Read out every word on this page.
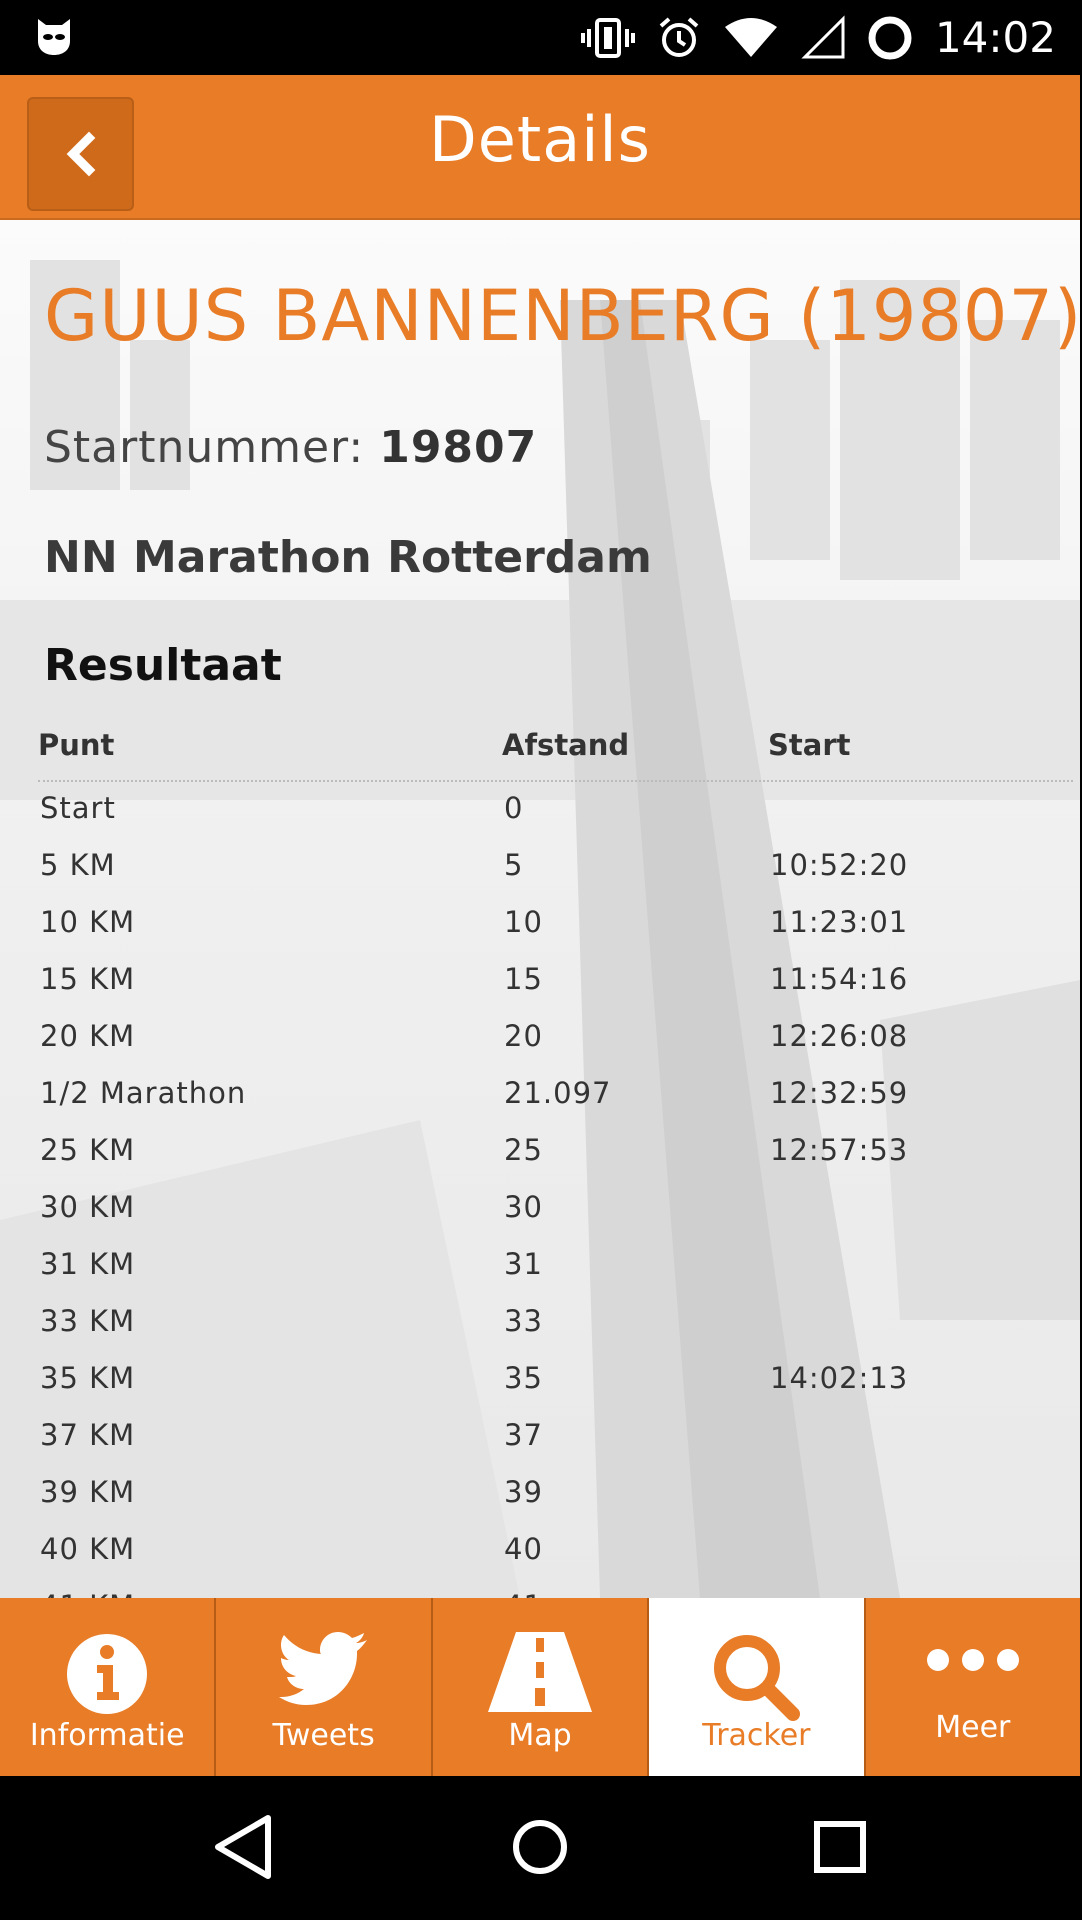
14:02
Details
GUUS BANNENBERG (19807)
Startnummer: 19807
NN Marathon Rotterdam
Resultaat
Punt	Afstand	Start
Start	0
5 KM	5	10:52:20
10 KM	10	11:23:01
15 KM	15	11:54:16
20 KM	20	12:26:08
1/2 Marathon	21.097	12:32:59
25 KM	25	12:57:53
30 KM	30
31 KM	31
33 KM	33
35 KM	35	14:02:13
37 KM	37
39 KM	39
40 KM	40
Informatie	Tweets	Map	Tracker	Meer
